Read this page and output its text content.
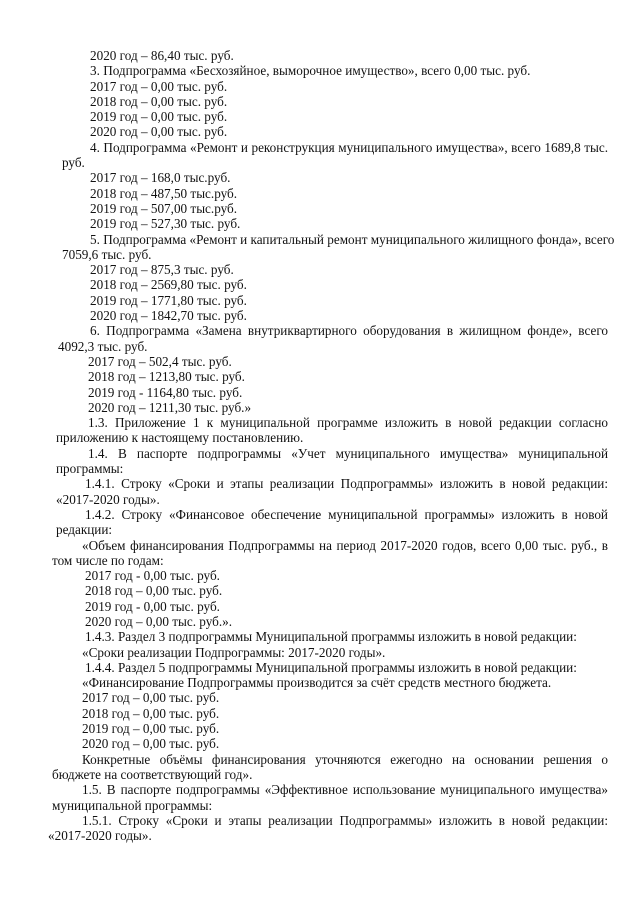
2020 год – 86,40 тыс. руб.
3. Подпрограмма «Бесхозяйное, выморочное имущество», всего 0,00 тыс. руб.
2017 год – 0,00 тыс. руб.
2018 год – 0,00 тыс. руб.
2019 год – 0,00 тыс. руб.
2020 год – 0,00 тыс. руб.
4. Подпрограмма «Ремонт и реконструкция муниципального имущества», всего 1689,8 тыс.
руб.
2017 год – 168,0 тыс.руб.
2018 год – 487,50 тыс.руб.
2019 год – 507,00 тыс.руб.
2019 год – 527,30 тыс. руб.
5. Подпрограмма «Ремонт и капитальный ремонт муниципального жилищного фонда», всего
7059,6 тыс. руб.
2017 год – 875,3 тыс. руб.
2018 год – 2569,80 тыс. руб.
2019 год – 1771,80 тыс. руб.
2020 год – 1842,70 тыс. руб.
6. Подпрограмма «Замена внутриквартирного оборудования в жилищном фонде», всего
4092,3 тыс. руб.
2017 год – 502,4 тыс. руб.
2018 год – 1213,80 тыс. руб.
2019 год - 1164,80 тыс. руб.
2020 год – 1211,30 тыс. руб.»
1.3. Приложение 1 к муниципальной программе изложить в новой редакции согласно
приложению к настоящему постановлению.
1.4. В паспорте подпрограммы «Учет муниципального имущества» муниципальной
программы:
1.4.1. Строку «Сроки и этапы реализации Подпрограммы» изложить в новой редакции:
«2017-2020 годы».
1.4.2. Строку «Финансовое обеспечение муниципальной программы» изложить в новой
редакции:
«Объем финансирования Подпрограммы на период 2017-2020 годов, всего 0,00 тыс. руб., в
том числе по годам:
2017 год - 0,00 тыс. руб.
2018 год – 0,00 тыс. руб.
2019 год - 0,00 тыс. руб.
2020 год – 0,00 тыс. руб.».
1.4.3. Раздел 3 подпрограммы Муниципальной программы изложить в новой редакции:
«Сроки реализации Подпрограммы: 2017-2020 годы».
1.4.4. Раздел 5 подпрограммы Муниципальной программы изложить в новой редакции:
«Финансирование Подпрограммы производится за счёт средств местного бюджета.
2017 год – 0,00 тыс. руб.
2018 год – 0,00 тыс. руб.
2019 год – 0,00 тыс. руб.
2020 год – 0,00 тыс. руб.
Конкретные объёмы финансирования уточняются ежегодно на основании решения о
бюджете на соответствующий год».
1.5. В паспорте подпрограммы «Эффективное использование муниципального имущества»
муниципальной программы:
1.5.1. Строку «Сроки и этапы реализации Подпрограммы» изложить в новой редакции:
«2017-2020 годы».
